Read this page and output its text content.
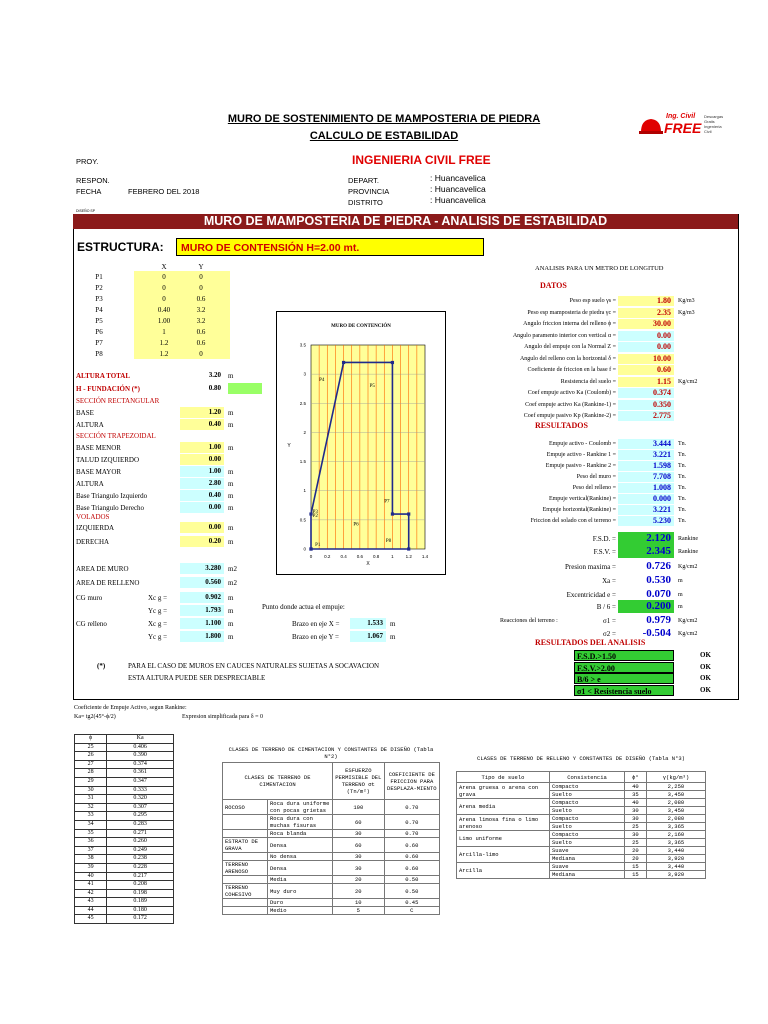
MURO DE SOSTENIMIENTO DE MAMPOSTERIA DE PIEDRA
CALCULO DE ESTABILIDAD
Ing. Civil
FREE
Descargas
Gratis
Ingenieria
Civil
PROY.	INGENIERIA CIVIL FREE
RESPON.
FECHA	FEBRERO DEL 2018
DEPART.	: Huancavelica
PROVINCIA	: Huancavelica
DISTRITO	: Huancavelica
DISEÑO SP
MURO DE MAMPOSTERIA DE PIEDRA - ANALISIS DE ESTABILIDAD
ESTRUCTURA:	MURO DE CONTENSIÓN H=2.00 mt.
X	Y
P1	0	0
P2	0	0
P3	0	0.6
P4	0.40	3.2
P5	1.00	3.2
P6	1	0.6
P7	1.2	0.6
P8	1.2	0
ALTURA TOTAL	3.20	m
H - FUNDACIÓN (*)	0.80
SECCIÓN RECTANGULAR
BASE	1.20	m
ALTURA	0.40	m
SECCIÓN TRAPEZOIDAL
BASE MENOR	1.00	m
TALUD IZQUIERDO	0.00
BASE MAYOR	1.00	m
ALTURA	2.80	m
Base Triangulo Izquierdo	0.40	m
Base Triangulo Derecho	0.00	m
VOLADOS
IZQUIERDA	0.00	m
DERECHA	0.20	m
AREA DE MURO	3.280	m2
AREA DE RELLENO	0.560	m2
CG muro	Xc g =	0.902	m
Yc g =	1.793	m
CG relleno	Xc g =	1.100	m
Yc g =	1.800	m
Punto donde actua el empuje:
Brazo en eje X =	1.533	m
Brazo en eje Y =	1.067	m
MURO DE CONTENCIÓN
0	0.2 0.4 0.6 0.8	1	1.2 1.4
0
0.5
1
1.5
2
2.5
3
3.5
X
Y
P1
P2
P3
P4
P5
P6
P7
P8
ANALISIS PARA UN METRO DE LONGITUD
DATOS
Peso esp suelo γs =	1.80	Kg/m3
Peso esp mamposteria de piedra γc =	2.35	Kg/m3
Angulo friccion interna del relleno ϕ =	30.00
Angulo paramento interior con vertical α =	0.00
Angulo del empuje con la Normal Z =	0.00
Angulo del relleno con la horizontal δ =	10.00
Coeficiente de friccion en la base f =	0.60
Resistencia del suelo =	1.15	Kg/cm2
Coef empuje activo Ka (Coulomb) =	0.374
Coef empuje activo Ka (Rankine-1) =	0.350
Coef empuje pasivo Kp (Rankine-2) =	2.775
RESULTADOS
Empuje activo - Coulomb =	3.444	Tn.
Empuje activo - Rankine 1 =	3.221	Tn.
Empuje pasivo - Rankine 2 =	1.598	Tn.
Peso del muro =	7.708	Tn.
Peso del relleno =	1.008	Tn.
Empuje vertical(Rankine) =	0.000	Tn.
Empuje horizontal(Rankine) =	3.221	Tn.
Friccion del solado con el terreno =	5.230	Tn.
F.S.D. =	2.120	Rankine
F.S.V. =	2.345	Rankine
Presion maxima =	0.726	Kg/cm2
Xa =	0.530	m
Excentricidad e =	0.070	m
B / 6 =	0.200	m
σ1 =	0.979	Kg/cm2
σ2 =	-0.504	Kg/cm2
Reacciones del terreno :
RESULTADOS DEL ANALISIS
F.S.D.>1.50	OK
F.S.V.>2.00	OK
B/6 > e	OK
σ1 < Resistencia suelo	OK
(*)	PARA EL CASO DE MUROS EN CAUCES NATURALES SUJETAS A SOCAVACION
ESTA ALTURA PUEDE SER DESPRECIABLE
Coeficiente de Empuje Activo, segun Rankine:
Ka= tg2(45°-ϕ/2)	Expresion simplificada para δ = 0
ϕ	Ka
25	0.406
26	0.390
27	0.374
28	0.361
29	0.347
30	0.333
31	0.320
32	0.307
33	0.295
34	0.283
35	0.271
36	0.260
37	0.249
38	0.238
39	0.228
40	0.217
41	0.208
42	0.198
43	0.189
44	0.180
45	0.172
CLASES DE TERRENO DE CIMENTACION Y CONSTANTES DE DISEÑO (Tabla N°2)
CLASES DE TERRENO DE CIMENTACION		ESFUERZO PERMISIBLE DEL TERRENO σt (Tn/m²)	COEFICIENTE DE FRICCION PARA DESPLAZA-MIENTO
ROCOSO	Roca dura uniforme con pocas grietas	100	0.70
	Roca dura con muchas fisuras	60	0.70
	Roca blanda	30	0.70
ESTRATO DE GRAVA	Densa	60	0.60
	No densa	30	0.60
TERRENO ARENOSO	Densa	30	0.60
	Media	20	0.50
TERRENO COHESIVO	Muy duro	20	0.50
	Duro	10	0.45
	Medio	5	C
CLASES DE TERRENO DE RELLENO Y CONSTANTES DE DISEÑO (Tabla N°3)
Tipo de suelo	Consistencia	ϕ°	γ(kg/m³)
Arena gruesa o arena con grava	Compacto	40	2,250
	Suelto	35	3,450
Arena media	Compacto	40	2,080
	Suelto	30	3,450
Arena limosa fina o limo arenoso	Compacto	30	2,080
	Suelto	25	3,365
Limo uniforme	Compacto	30	2,160
	Suelto	25	3,365
Arcilla-limo	Suave	20	3,440
	Mediana	20	3,920
Arcilla	Suave	15	3,440
	Mediana	15	3,920
